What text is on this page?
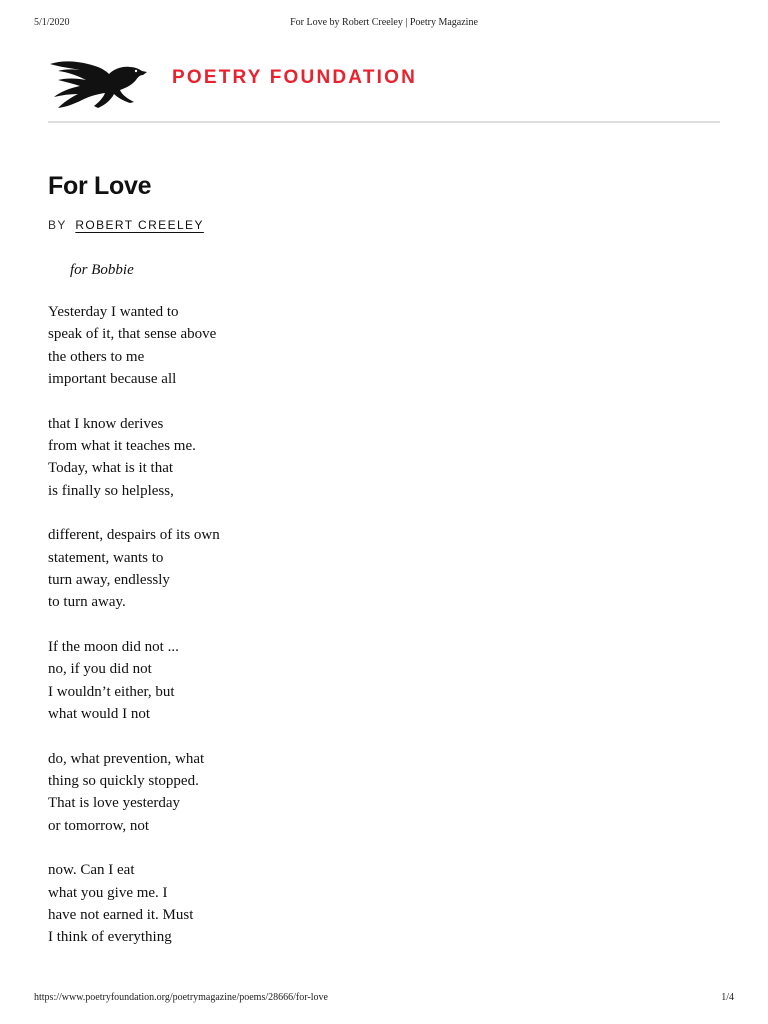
5/1/2020	For Love by Robert Creeley | Poetry Magazine
POETRY FOUNDATION
For Love
BY ROBERT CREELEY
for Bobbie
Yesterday I wanted to
speak of it, that sense above
the others to me
important because all
that I know derives
from what it teaches me.
Today, what is it that
is finally so helpless,
different, despairs of its own
statement, wants to
turn away, endlessly
to turn away.
If the moon did not ...
no, if you did not
I wouldn’t either, but
what would I not
do, what prevention, what
thing so quickly stopped.
That is love yesterday
or tomorrow, not
now. Can I eat
what you give me. I
have not earned it. Must
I think of everything
https://www.poetryfoundation.org/poetrymagazine/poems/28666/for-love	1/4
